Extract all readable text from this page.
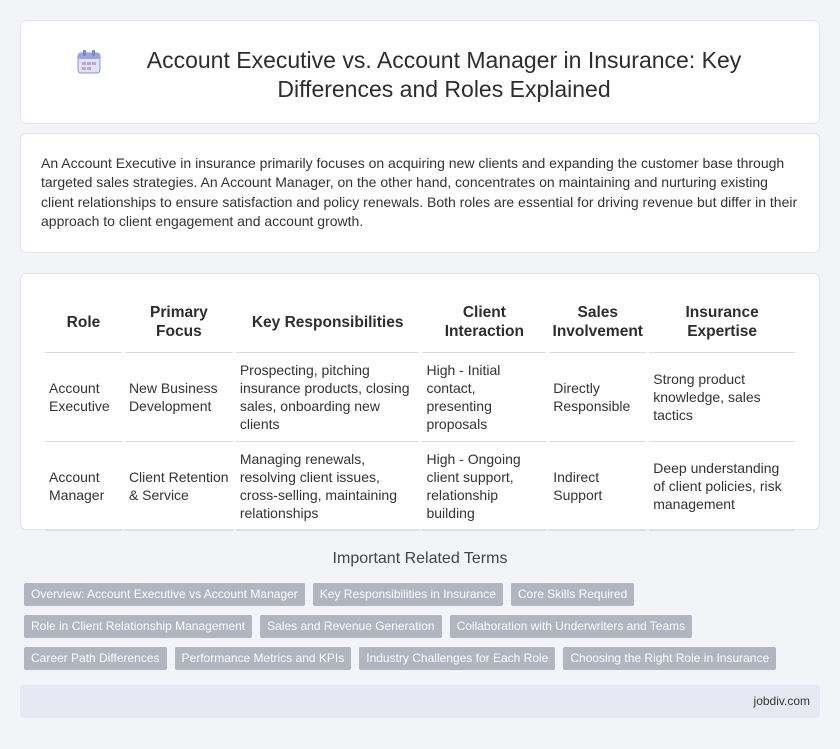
Account Executive vs. Account Manager in Insurance: Key Differences and Roles Explained

An Account Executive in insurance primarily focuses on acquiring new clients and expanding the customer base through targeted sales strategies. An Account Manager, on the other hand, concentrates on maintaining and nurturing existing client relationships to ensure satisfaction and policy renewals. Both roles are essential for driving revenue but differ in their approach to client engagement and account growth.

Role	Primary Focus	Key Responsibilities	Client Interaction	Sales Involvement	Insurance Expertise
Account Executive	New Business Development	Prospecting, pitching insurance products, closing sales, onboarding new clients	High - Initial contact, presenting proposals	Directly Responsible	Strong product knowledge, sales tactics
Account Manager	Client Retention & Service	Managing renewals, resolving client issues, cross-selling, maintaining relationships	High - Ongoing client support, relationship building	Indirect Support	Deep understanding of client policies, risk management
Important Related Terms
Overview: Account Executive vs Account Manager	Key Responsibilities in Insurance	Core Skills Required
Role in Client Relationship Management	Sales and Revenue Generation	Collaboration with Underwriters and Teams
Career Path Differences	Performance Metrics and KPIs	Industry Challenges for Each Role	Choosing the Right Role in Insurance
jobdiv.com
